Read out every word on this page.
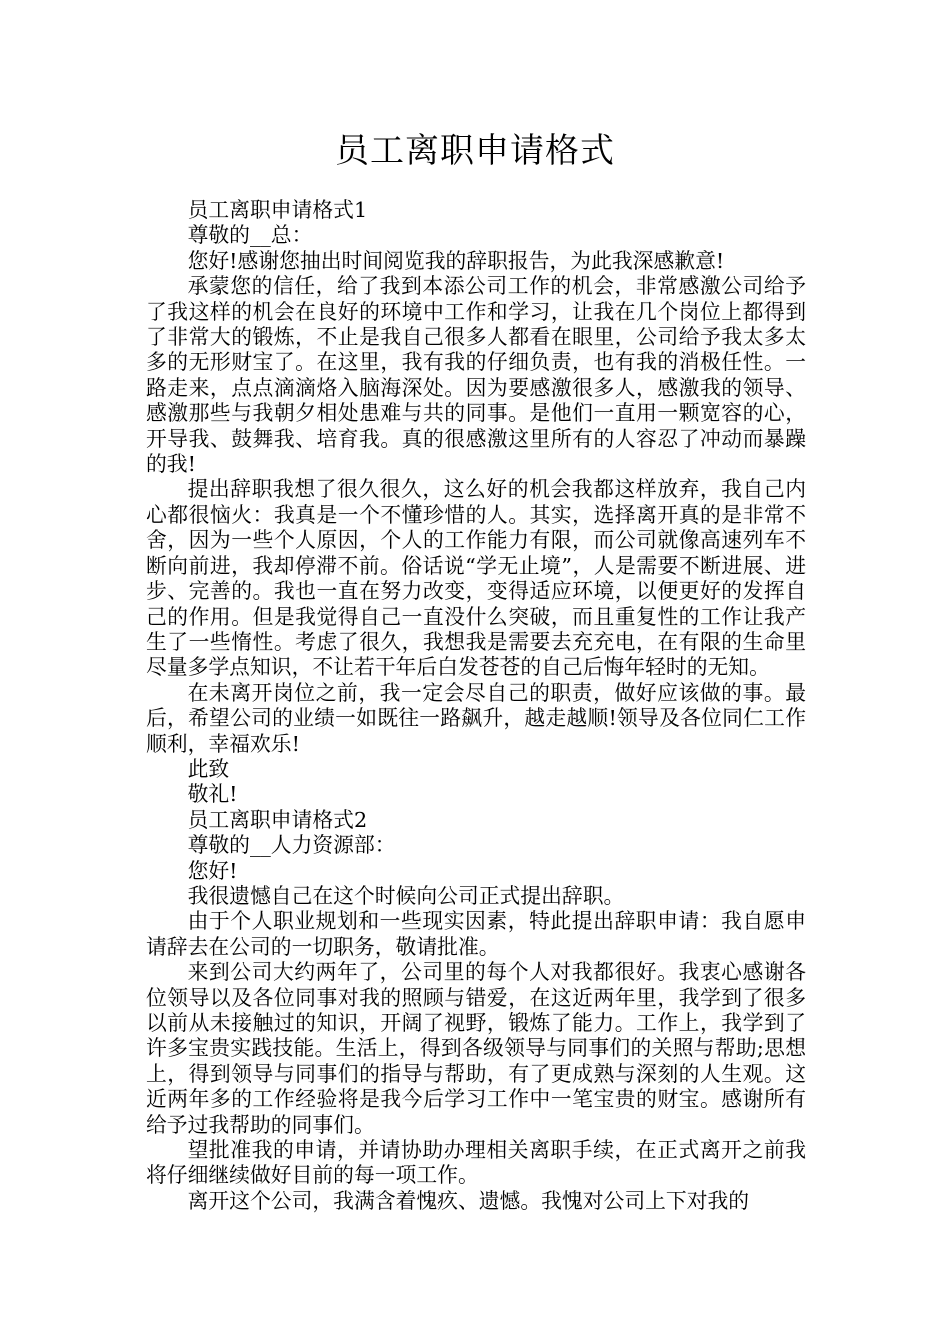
员工离职申请格式

员工离职申请格式1

尊敬的__总：

您好!感谢您抽出时间阅览我的辞职报告，为此我深感歉意!

承蒙您的信任，给了我到本添公司工作的机会，非常感激公司给予了我这样的机会在良好的环境中工作和学习，让我在几个岗位上都得到了非常大的锻炼，不止是我自己很多人都看在眼里，公司给予我太多太多的无形财宝了。在这里，我有我的仔细负责，也有我的消极任性。一路走来，点点滴滴烙入脑海深处。因为要感激很多人，感激我的领导、感激那些与我朝夕相处患难与共的同事。是他们一直用一颗宽容的心，开导我、鼓舞我、培育我。真的很感激这里所有的人容忍了冲动而暴躁的我!

提出辞职我想了很久很久，这么好的机会我都这样放弃，我自己内心都很恼火：我真是一个不懂珍惜的人。其实，选择离开真的是非常不舍，因为一些个人原因，个人的工作能力有限，而公司就像高速列车不断向前进，我却停滞不前。俗话说“学无止境”，人是需要不断进展、进步、完善的。我也一直在努力改变，变得适应环境，以便更好的发挥自己的作用。但是我觉得自己一直没什么突破，而且重复性的工作让我产生了一些惰性。考虑了很久，我想我是需要去充充电，在有限的生命里尽量多学点知识，不让若干年后白发苍苍的自己后悔年轻时的无知。

在未离开岗位之前，我一定会尽自己的职责，做好应该做的事。最后，希望公司的业绩一如既往一路飙升，越走越顺!领导及各位同仁工作顺利，幸福欢乐!

此致

敬礼!

员工离职申请格式2

尊敬的__人力资源部：

您好!

我很遗憾自己在这个时候向公司正式提出辞职。

由于个人职业规划和一些现实因素，特此提出辞职申请：我自愿申请辞去在公司的一切职务，敬请批准。

来到公司大约两年了，公司里的每个人对我都很好。我衷心感谢各位领导以及各位同事对我的照顾与错爱，在这近两年里，我学到了很多以前从未接触过的知识，开阔了视野，锻炼了能力。工作上，我学到了许多宝贵实践技能。生活上，得到各级领导与同事们的关照与帮助;思想上，得到领导与同事们的指导与帮助，有了更成熟与深刻的人生观。这近两年多的工作经验将是我今后学习工作中一笔宝贵的财宝。感谢所有给予过我帮助的同事们。

望批准我的申请，并请协助办理相关离职手续，在正式离开之前我将仔细继续做好目前的每一项工作。

离开这个公司，我满含着愧疚、遗憾。我愧对公司上下对我的
